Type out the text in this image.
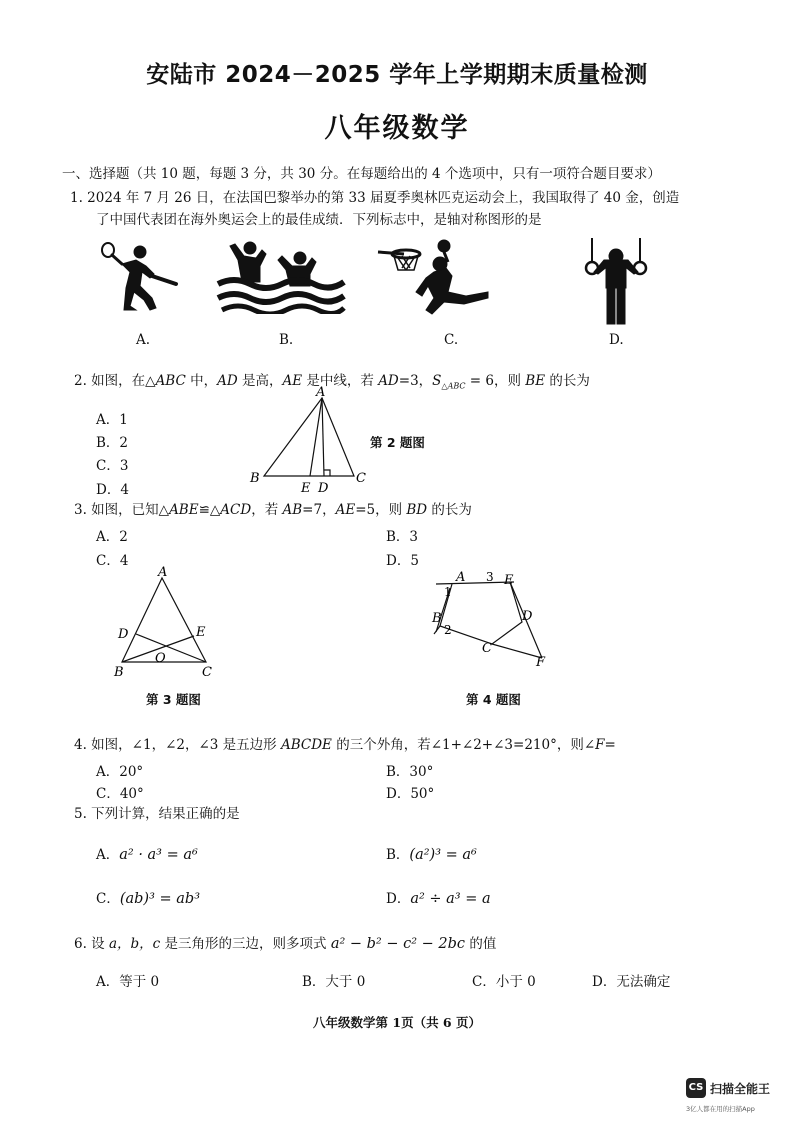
安陆市 2024－2025 学年上学期期末质量检测
八年级数学
一、选择题（共 10 题，每题 3 分，共 30 分。在每题给出的 4 个选项中，只有一项符合题目要求）
1. 2024 年 7 月 26 日，在法国巴黎举办的第 33 届夏季奥林匹克运动会上，我国取得了 40 金，创造
了中国代表团在海外奥运会上的最佳成绩．下列标志中，是轴对称图形的是
A.	B.	C.	D.
2. 如图，在△ABC 中，AD 是高，AE 是中线，若 AD=3，$S_{\triangle ABC} = 6$，则 BE 的长为
A．1
B．2
C．3
D．4
A
B	C
E D
第 2 题图
3. 如图，已知△ABE≌△ACD，若 AB=7，AE=5，则 BD 的长为
A．2	B．3
C．4	D．5
A
D	E
O
B	C
第 3 题图
A 3 E
1
D
B
2
C
F
第 4 题图
4. 如图，∠1，∠2，∠3 是五边形 ABCDE 的三个外角，若∠1+∠2+∠3=210°，则∠F=
A．20°	B．30°
C．40°	D．50°
5. 下列计算，结果正确的是
A．a² · a³ = a⁶	B．(a²)³ = a⁶
C．(ab)³ = ab³	D．a² ÷ a³ = a
6. 设 a，b，c 是三角形的三边，则多项式 a² − b² − c² − 2bc 的值
A．等于 0	B．大于 0	C．小于 0	D．无法确定
八年级数学第 1页（共 6 页）
CS 扫描全能王
3亿人都在用的扫描App
